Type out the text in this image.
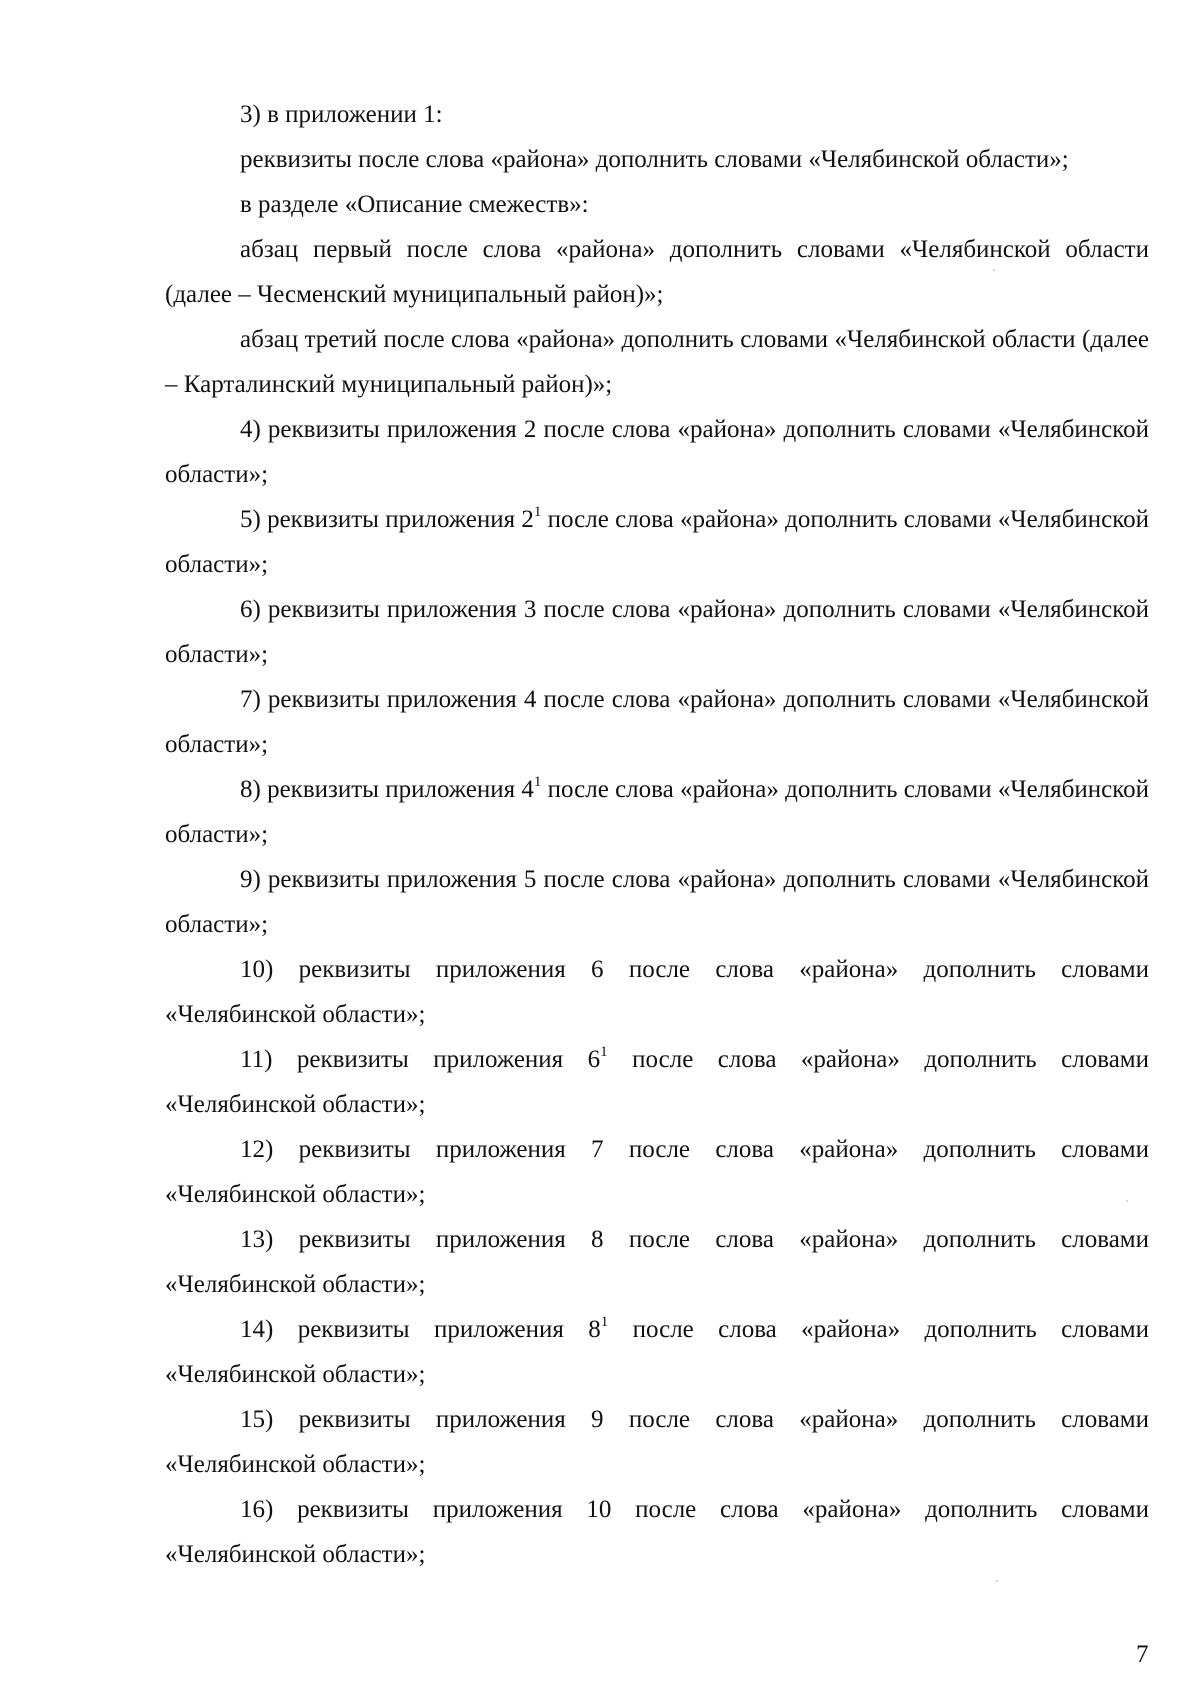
3) в приложении 1:

реквизиты после слова «района» дополнить словами «Челябинской области»;

в разделе «Описание смежеств»:

абзац первый после слова «района» дополнить словами «Челябинской области (далее – Чесменский муниципальный район)»;

абзац третий после слова «района» дополнить словами «Челябинской области (далее – Карталинский муниципальный район)»;

4) реквизиты приложения 2 после слова «района» дополнить словами «Челябинской области»;

5) реквизиты приложения $2^1$ после слова «района» дополнить словами «Челябинской области»;

6) реквизиты приложения 3 после слова «района» дополнить словами «Челябинской области»;

7) реквизиты приложения 4 после слова «района» дополнить словами «Челябинской области»;

8) реквизиты приложения $4^1$ после слова «района» дополнить словами «Челябинской области»;

9) реквизиты приложения 5 после слова «района» дополнить словами «Челябинской области»;

10) реквизиты приложения 6 после слова «района» дополнить словами «Челябинской области»;

11) реквизиты приложения $6^1$ после слова «района» дополнить словами «Челябинской области»;

12) реквизиты приложения 7 после слова «района» дополнить словами «Челябинской области»;

13) реквизиты приложения 8 после слова «района» дополнить словами «Челябинской области»;

14) реквизиты приложения $8^1$ после слова «района» дополнить словами «Челябинской области»;

15) реквизиты приложения 9 после слова «района» дополнить словами «Челябинской области»;

16) реквизиты приложения 10 после слова «района» дополнить словами «Челябинской области»;

7
